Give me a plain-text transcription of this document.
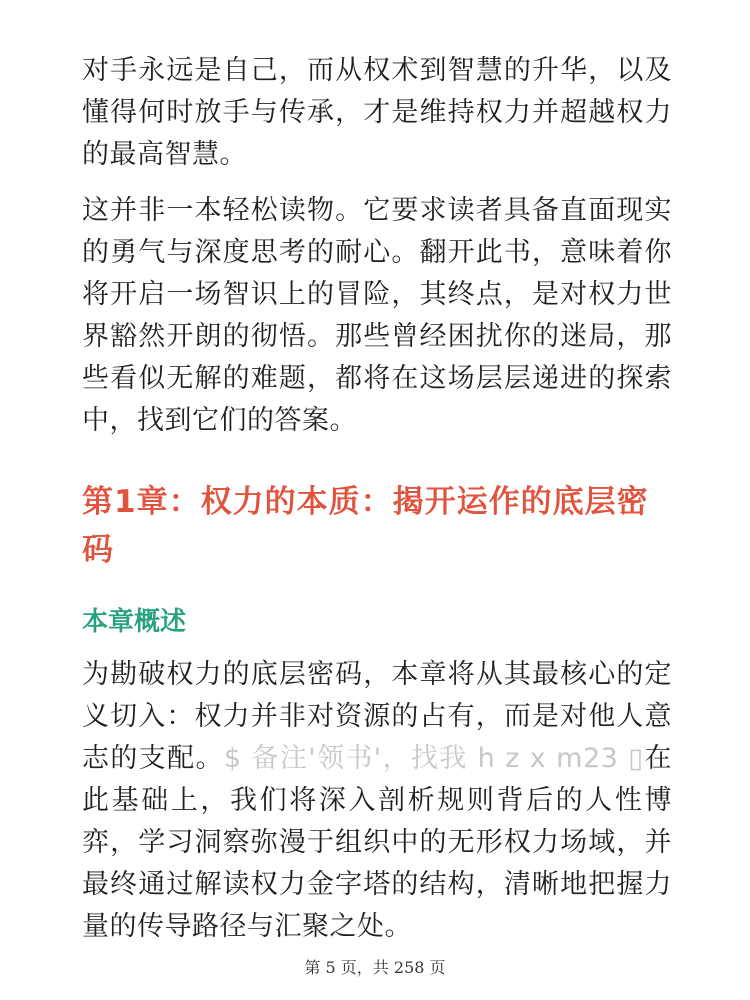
对手永远是自己，而从权术到智慧的升华，以及懂得何时放手与传承，才是维持权力并超越权力的最高智慧。

这并非一本轻松读物。它要求读者具备直面现实的勇气与深度思考的耐心。翻开此书，意味着你将开启一场智识上的冒险，其终点，是对权力世界豁然开朗的彻悟。那些曾经困扰你的迷局，那些看似无解的难题，都将在这场层层递进的探索中，找到它们的答案。

第1章：权力的本质：揭开运作的底层密码
本章概述

为勘破权力的底层密码，本章将从其最核心的定义切入：权力并非对资源的占有，而是对他人意志的支配。$ 备注'领书'，找我 h z x m23 ▯在此基础上，我们将深入剖析规则背后的人性博弈，学习洞察弥漫于组织中的无形权力场域，并最终通过解读权力金字塔的结构，清晰地把握力量的传导路径与汇聚之处。

第 5 页，共 258 页
